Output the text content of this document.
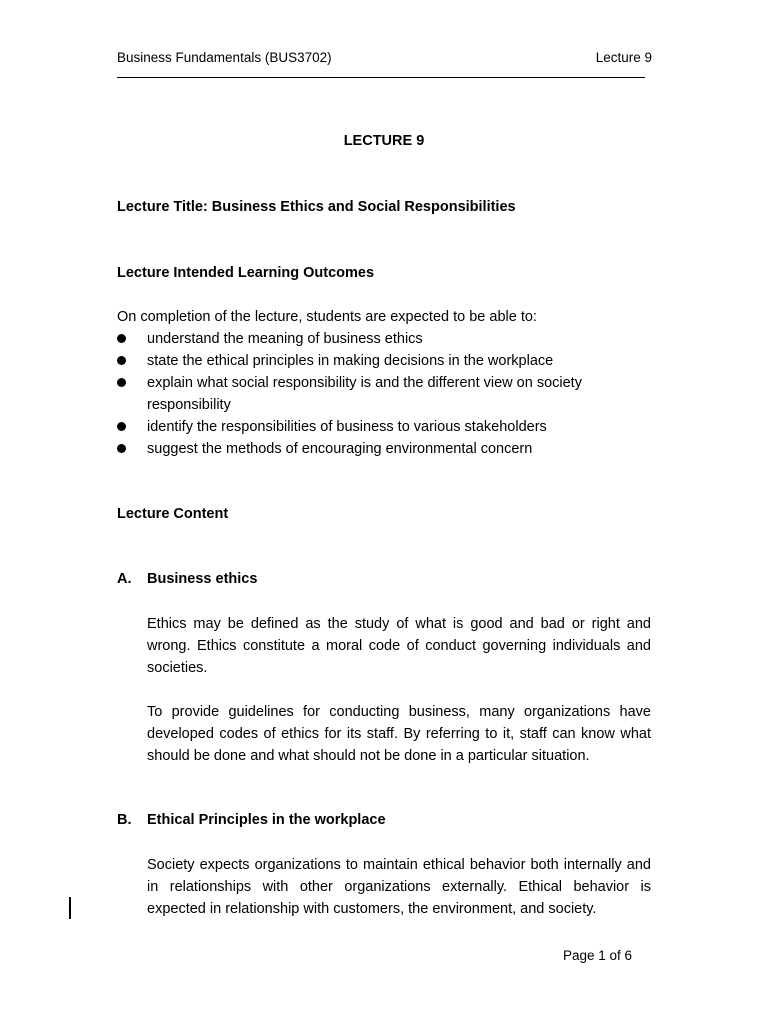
Business Fundamentals (BUS3702)	Lecture 9
LECTURE 9
Lecture Title: Business Ethics and Social Responsibilities
Lecture Intended Learning Outcomes
On completion of the lecture, students are expected to be able to:
understand the meaning of business ethics
state the ethical principles in making decisions in the workplace
explain what social responsibility is and the different view on society responsibility
identify the responsibilities of business to various stakeholders
suggest the methods of encouraging environmental concern
Lecture Content
A. Business ethics
Ethics may be defined as the study of what is good and bad or right and wrong. Ethics constitute a moral code of conduct governing individuals and societies.
To provide guidelines for conducting business, many organizations have developed codes of ethics for its staff. By referring to it, staff can know what should be done and what should not be done in a particular situation.
B. Ethical Principles in the workplace
Society expects organizations to maintain ethical behavior both internally and in relationships with other organizations externally. Ethical behavior is expected in relationship with customers, the environment, and society.
Page 1 of 6
